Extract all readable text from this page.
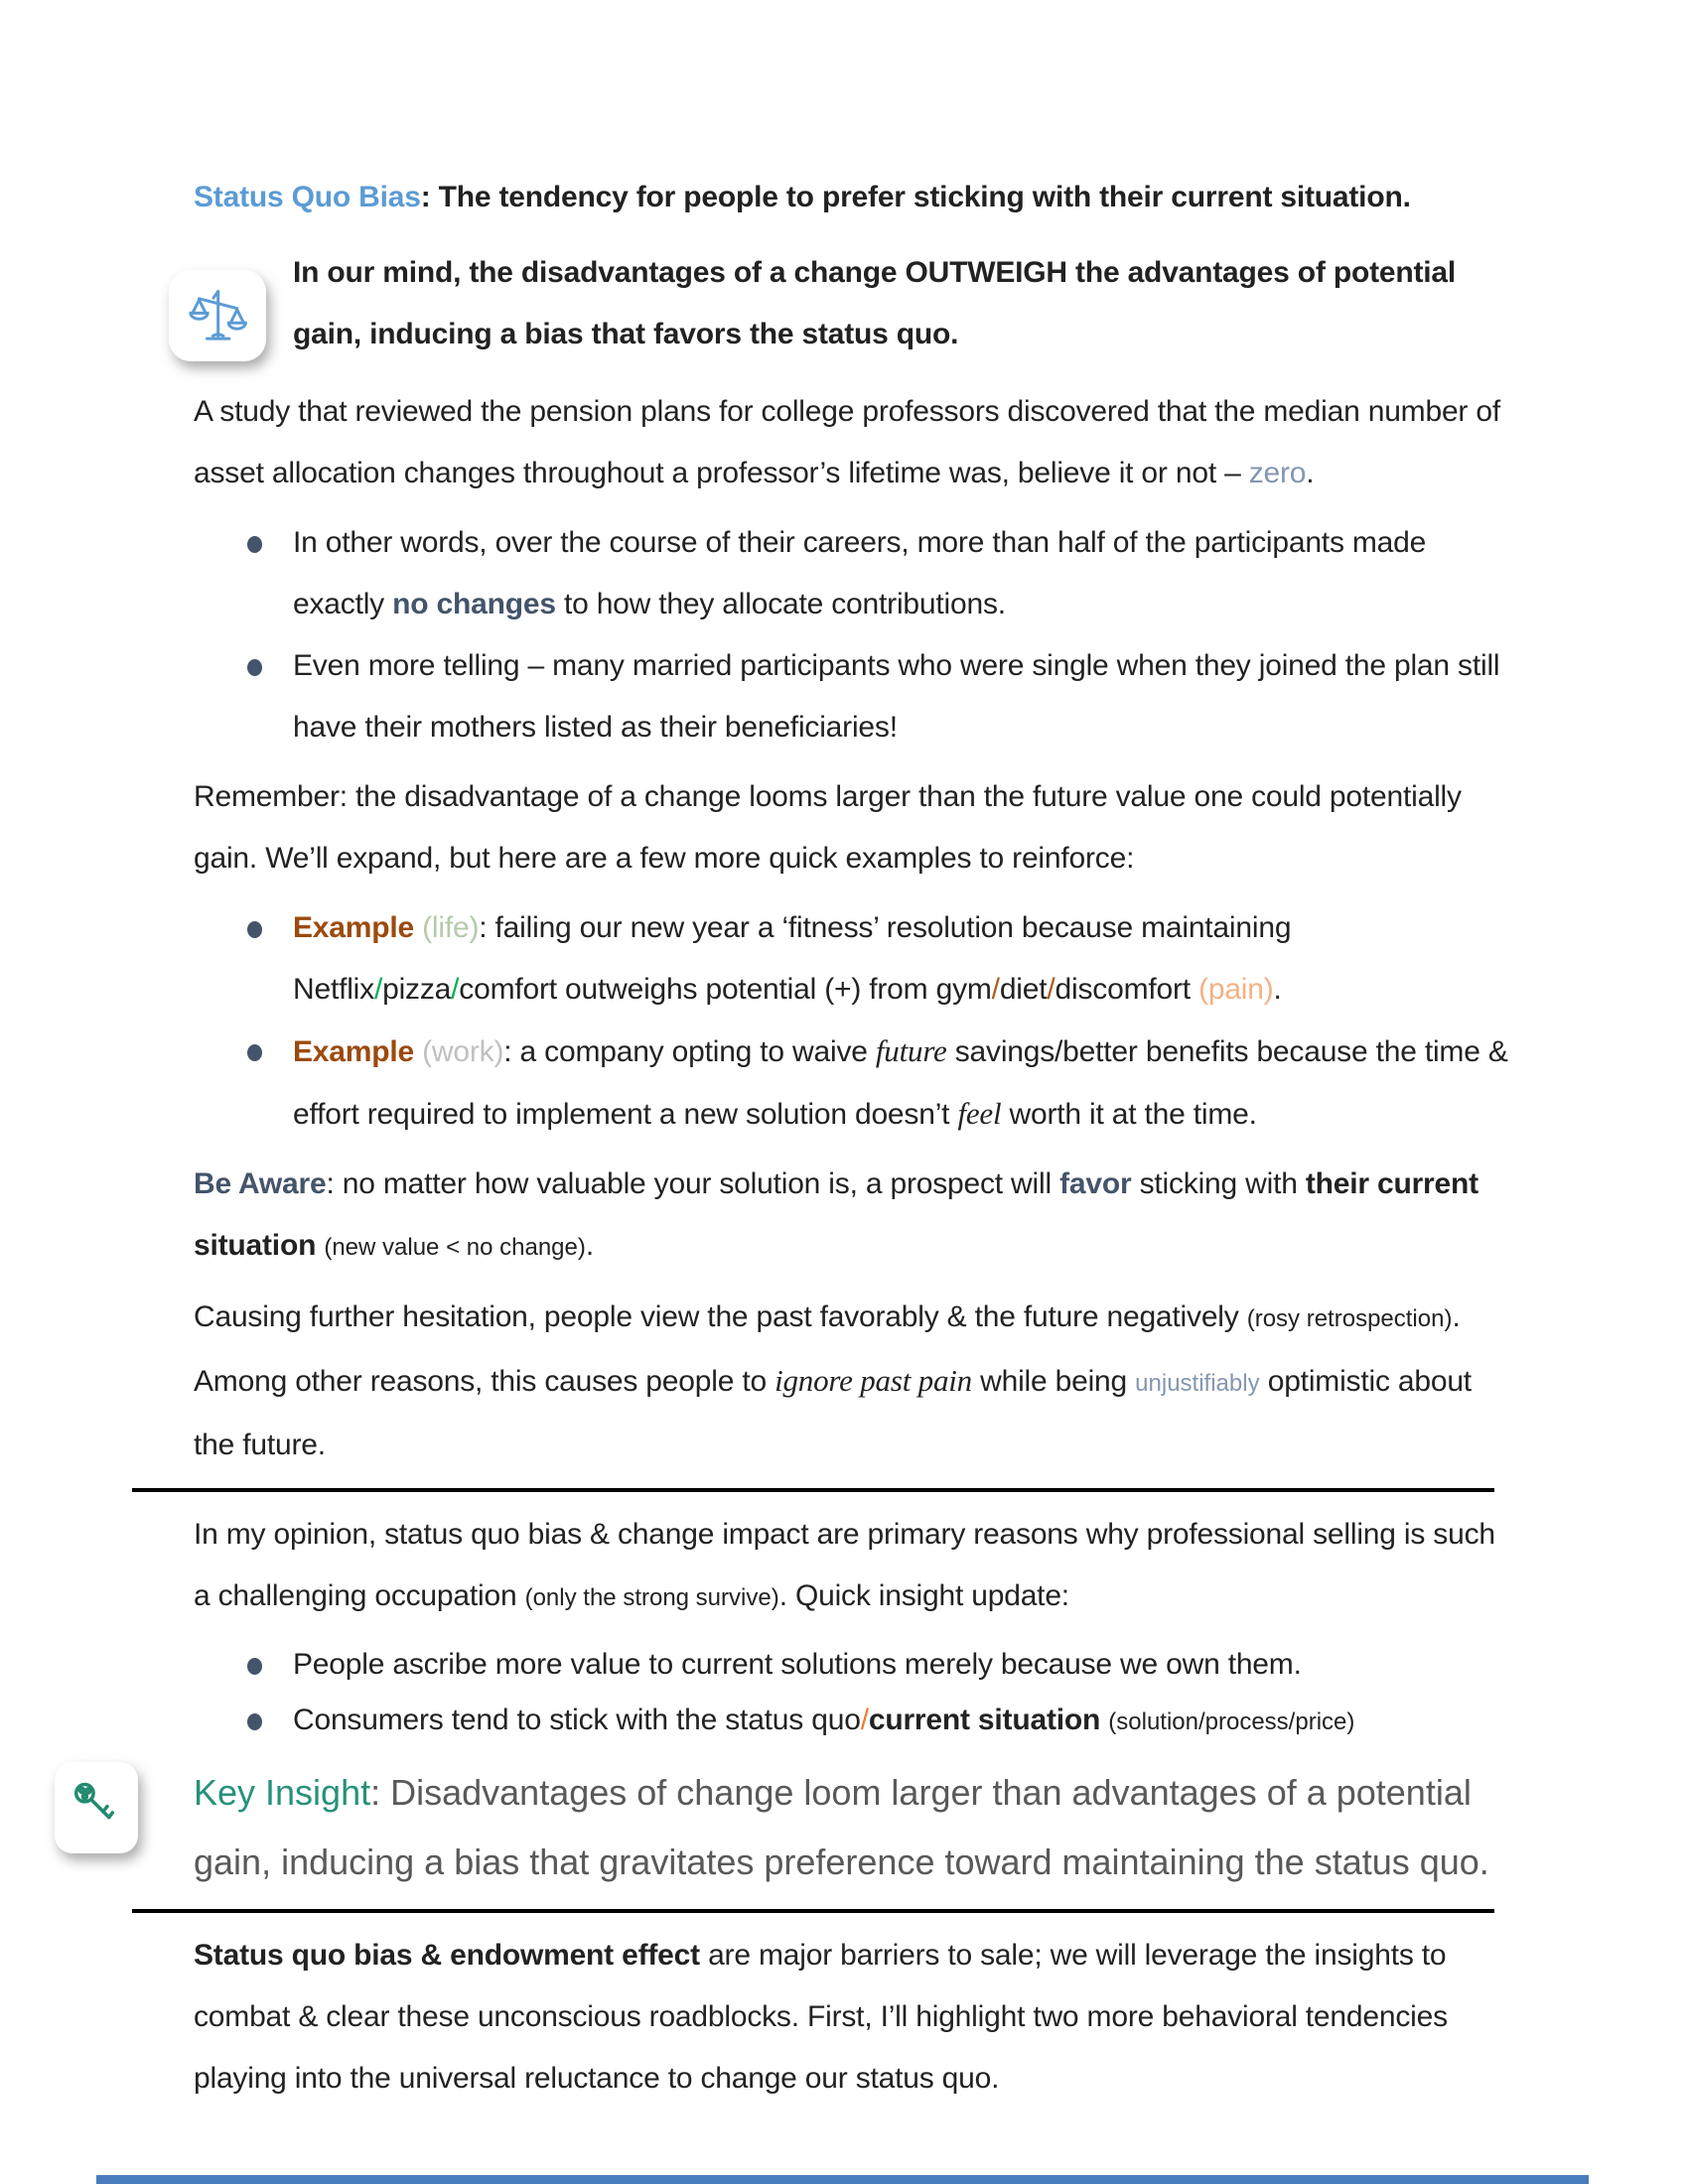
Status Quo Bias: The tendency for people to prefer sticking with their current situation.

In our mind, the disadvantages of a change OUTWEIGH the advantages of potential gain, inducing a bias that favors the status quo.

A study that reviewed the pension plans for college professors discovered that the median number of asset allocation changes throughout a professor’s lifetime was, believe it or not – zero.

In other words, over the course of their careers, more than half of the participants made exactly no changes to how they allocate contributions.
Even more telling – many married participants who were single when they joined the plan still have their mothers listed as their beneficiaries!

Remember: the disadvantage of a change looms larger than the future value one could potentially gain. We’ll expand, but here are a few more quick examples to reinforce:

Example (life): failing our new year a ‘fitness’ resolution because maintaining Netflix/pizza/comfort outweighs potential (+) from gym/diet/discomfort (pain).
Example (work): a company opting to waive future savings/better benefits because the time & effort required to implement a new solution doesn’t feel worth it at the time.

Be Aware: no matter how valuable your solution is, a prospect will favor sticking with their current situation (new value < no change).

Causing further hesitation, people view the past favorably & the future negatively (rosy retrospection). Among other reasons, this causes people to ignore past pain while being unjustifiably optimistic about the future.

In my opinion, status quo bias & change impact are primary reasons why professional selling is such a challenging occupation (only the strong survive). Quick insight update:

People ascribe more value to current solutions merely because we own them.
Consumers tend to stick with the status quo/current situation (solution/process/price)

Key Insight: Disadvantages of change loom larger than advantages of a potential gain, inducing a bias that gravitates preference toward maintaining the status quo.

Status quo bias & endowment effect are major barriers to sale; we will leverage the insights to combat & clear these unconscious roadblocks. First, I’ll highlight two more behavioral tendencies playing into the universal reluctance to change our status quo.
